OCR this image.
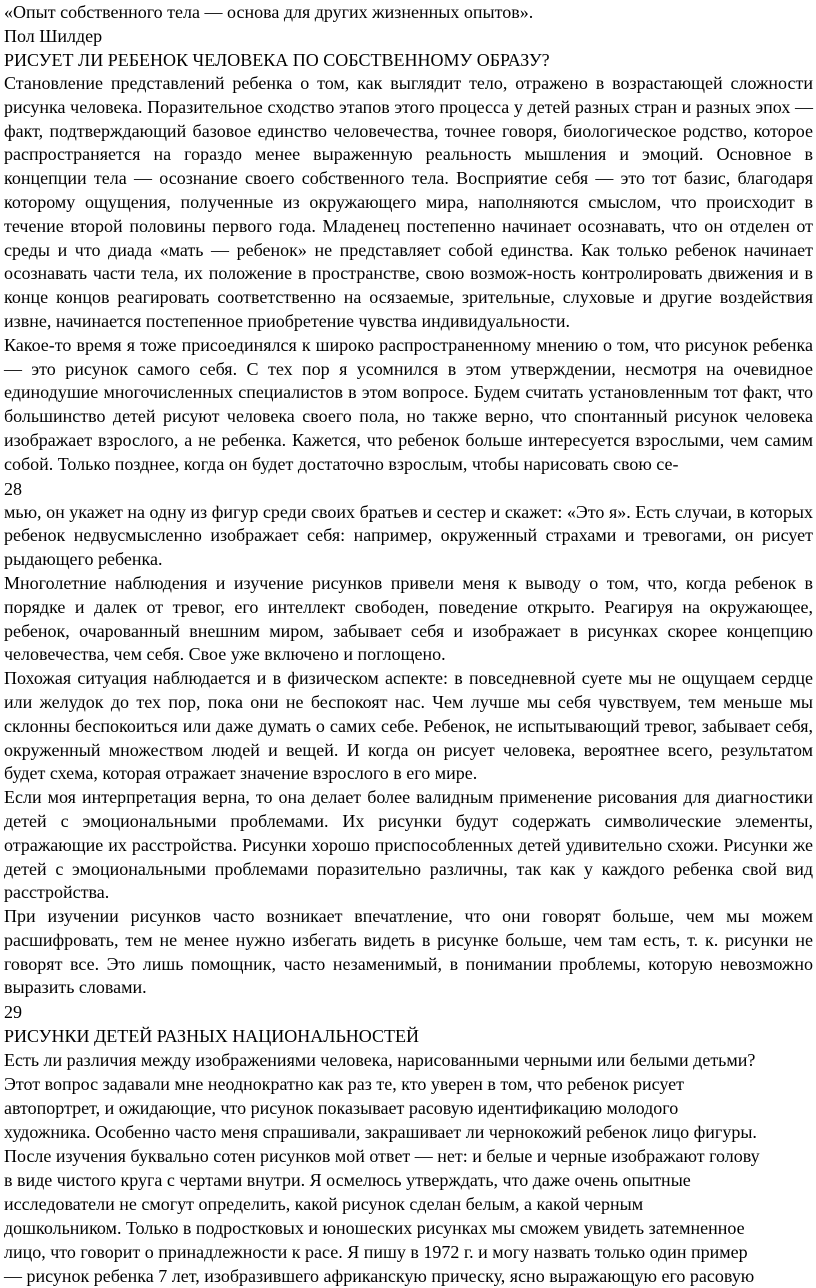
«Опыт собственного тела — основа для других жизненных опытов».

Пол Шилдер

РИСУЕТ ЛИ РЕБЕНОК ЧЕЛОВЕКА ПО СОБСТВЕННОМУ ОБРАЗУ?

Становление представлений ребенка о том, как выглядит тело, отражено в возрастающей сложности рисунка человека. Поразительное сходство этапов этого процесса у детей разных стран и разных эпох — факт, подтверждающий базовое единство человечества, точнее говоря, биологическое родство, которое распространяется на гораздо менее выраженную реальность мышления и эмоций. Основное в концепции тела — осознание своего собственного тела. Восприятие себя — это тот базис, благодаря которому ощущения, полученные из окружающего мира, наполняются смыслом, что происходит в течение второй половины первого года. Младенец постепенно начинает осознавать, что он отделен от среды и что диада «мать — ребенок» не представляет собой единства. Как только ребенок начинает осознавать части тела, их положение в пространстве, свою возмож-ность контролировать движения и в конце концов реагировать соответственно на осязаемые, зрительные, слуховые и другие воздействия извне, начинается постепенное приобретение чувства индивидуальности.

Какое-то время я тоже присоединялся к широко распространенному мнению о том, что рисунок ребенка — это рисунок самого себя. С тех пор я усомнился в этом утверждении, несмотря на очевидное единодушие многочисленных специалистов в этом вопросе. Будем считать установленным тот факт, что большинство детей рисуют человека своего пола, но также верно, что спонтанный рисунок человека изображает взрослого, а не ребенка. Кажется, что ребенок больше интересуется взрослыми, чем самим собой. Только позднее, когда он будет достаточно взрослым, чтобы нарисовать свою се-

28

мью, он укажет на одну из фигур среди своих братьев и сестер и скажет: «Это я». Есть случаи, в которых ребенок недвусмысленно изображает себя: например, окруженный страхами и тревогами, он рисует рыдающего ребенка.

Многолетние наблюдения и изучение рисунков привели меня к выводу о том, что, когда ребенок в порядке и далек от тревог, его интеллект свободен, поведение открыто. Реагируя на окружающее, ребенок, очарованный внешним миром, забывает себя и изображает в рисунках скорее концепцию человечества, чем себя. Свое уже включено и поглощено.

Похожая ситуация наблюдается и в физическом аспекте: в повседневной суете мы не ощущаем сердце или желудок до тех пор, пока они не беспокоят нас. Чем лучше мы себя чувствуем, тем меньше мы склонны беспокоиться или даже думать о самих себе. Ребенок, не испытывающий тревог, забывает себя, окруженный множеством людей и вещей. И когда он рисует человека, вероятнее всего, результатом будет схема, которая отражает значение взрослого в его мире.

Если моя интерпретация верна, то она делает более валидным применение рисования для диагностики детей с эмоциональными проблемами. Их рисунки будут содержать символические элементы, отражающие их расстройства. Рисунки хорошо приспособленных детей удивительно схожи. Рисунки же детей с эмоциональными проблемами поразительно различны, так как у каждого ребенка свой вид расстройства.

При изучении рисунков часто возникает впечатление, что они говорят больше, чем мы можем расшифровать, тем не менее нужно избегать видеть в рисунке больше, чем там есть, т. к. рисунки не говорят все. Это лишь помощник, часто незаменимый, в понимании проблемы, которую невозможно выразить словами.

29

РИСУНКИ ДЕТЕЙ РАЗНЫХ НАЦИОНАЛЬНОСТЕЙ

Есть ли различия между изображениями человека, нарисованными черными или белыми детьми?

Этот вопрос задавали мне неоднократно как раз те, кто уверен в том, что ребенок рисует

автопортрет, и ожидающие, что рисунок показывает расовую идентификацию молодого

художника. Особенно часто меня спрашивали, закрашивает ли чернокожий ребенок лицо фигуры.

После изучения буквально сотен рисунков мой ответ — нет: и белые и черные изображают голову

в виде чистого круга с чертами внутри. Я осмелюсь утверждать, что даже очень опытные

исследователи не смогут определить, какой рисунок сделан белым, а какой черным

дошкольником. Только в подростковых и юношеских рисунках мы сможем увидеть затемненное

лицо, что говорит о принадлежности к расе. Я пишу в 1972 г. и могу назвать только один пример

— рисунок ребенка 7 лет, изобразившего африканскую прическу, ясно выражающую его расовую
